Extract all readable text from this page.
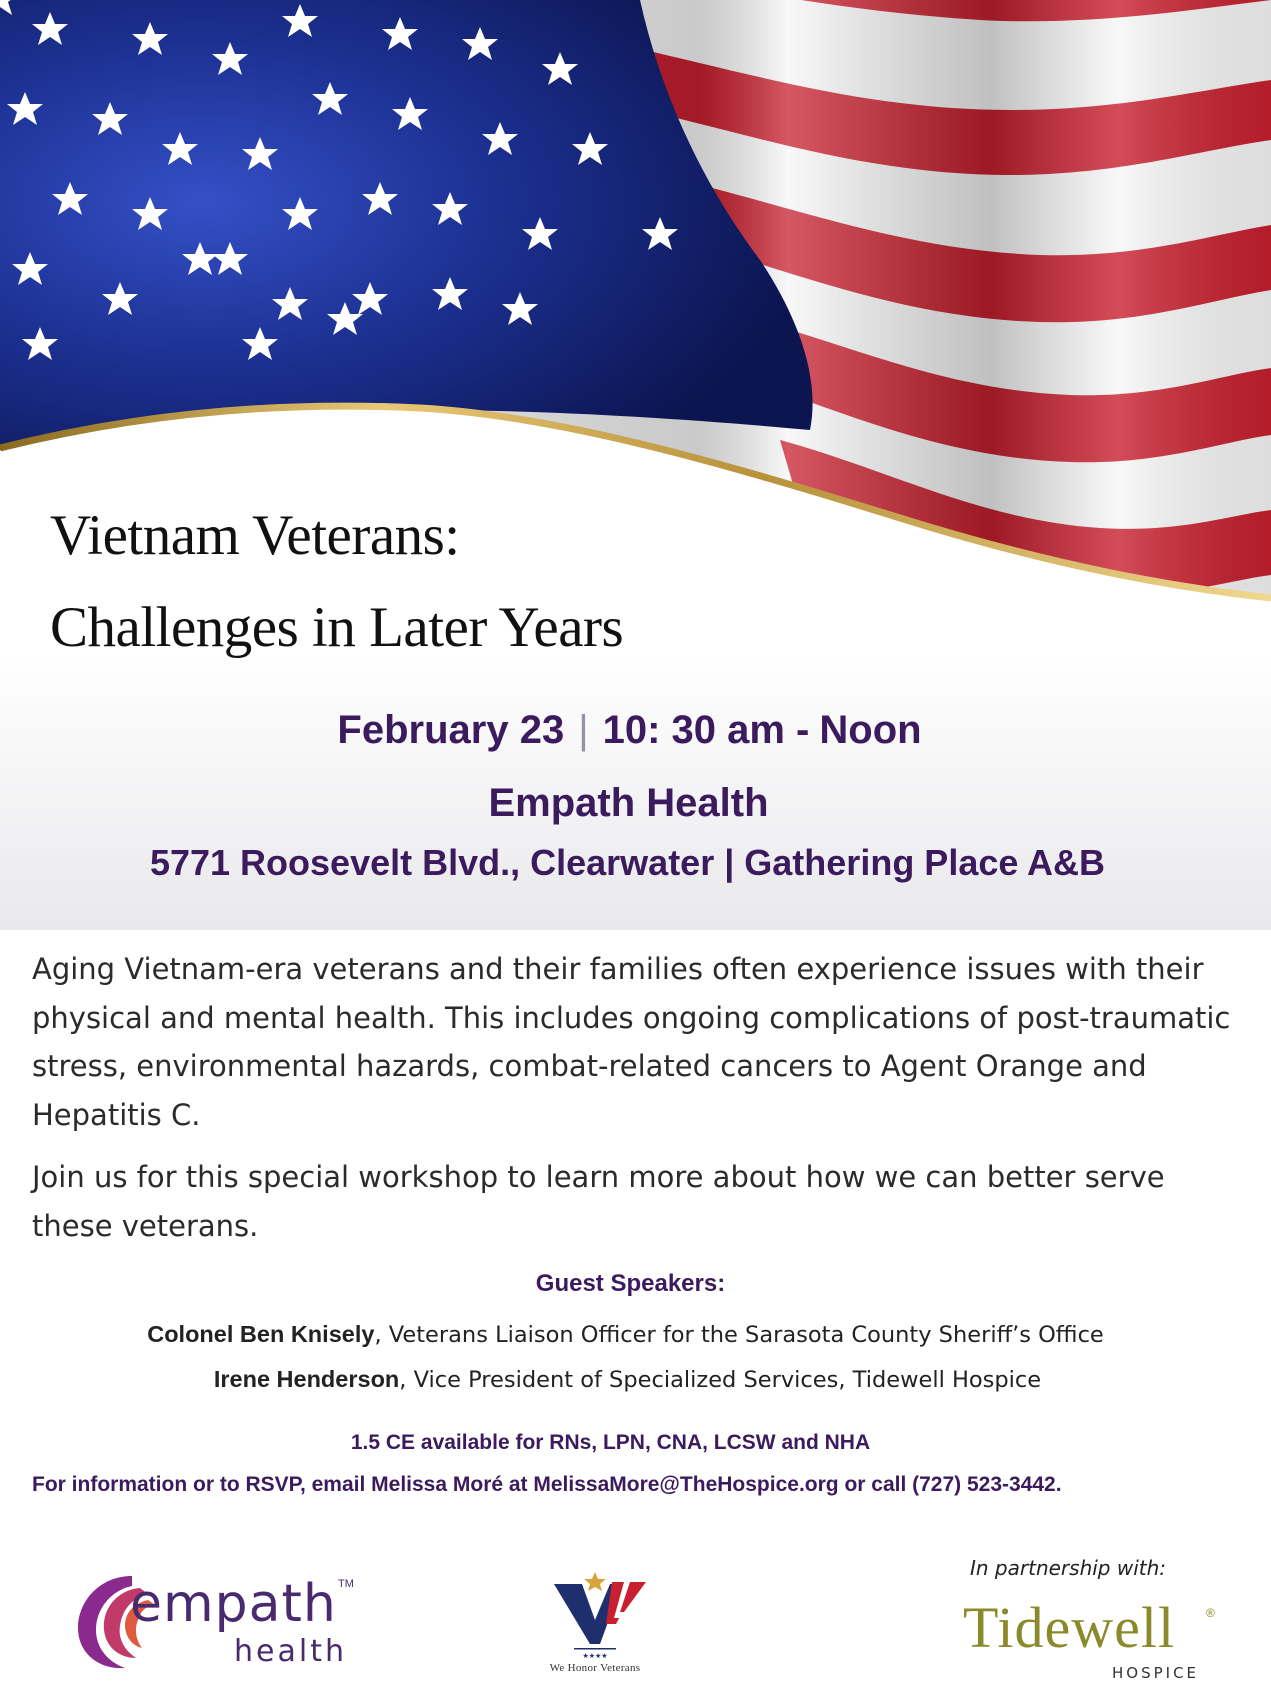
Vietnam Veterans:
Challenges in Later Years
February 23 | 10: 30 am - Noon
Empath Health
5771 Roosevelt Blvd., Clearwater | Gathering Place A&B

Aging Vietnam-era veterans and their families often experience issues with their physical and mental health. This includes ongoing complications of post-traumatic stress, environmental hazards, combat-related cancers to Agent Orange and Hepatitis C.

Join us for this special workshop to learn more about how we can better serve these veterans.

Guest Speakers:
Colonel Ben Knisely, Veterans Liaison Officer for the Sarasota County Sheriff’s Office
Irene Henderson, Vice President of Specialized Services, Tidewell Hospice
1.5 CE available for RNs, LPN, CNA, LCSW and NHA
For information or to RSVP, email Melissa Moré at MelissaMore@TheHospice.org or call (727) 523-3442.
empath TM
health	★★★★
We Honor Veterans
In partnership with:
Tidewell	®
HOSPICE
